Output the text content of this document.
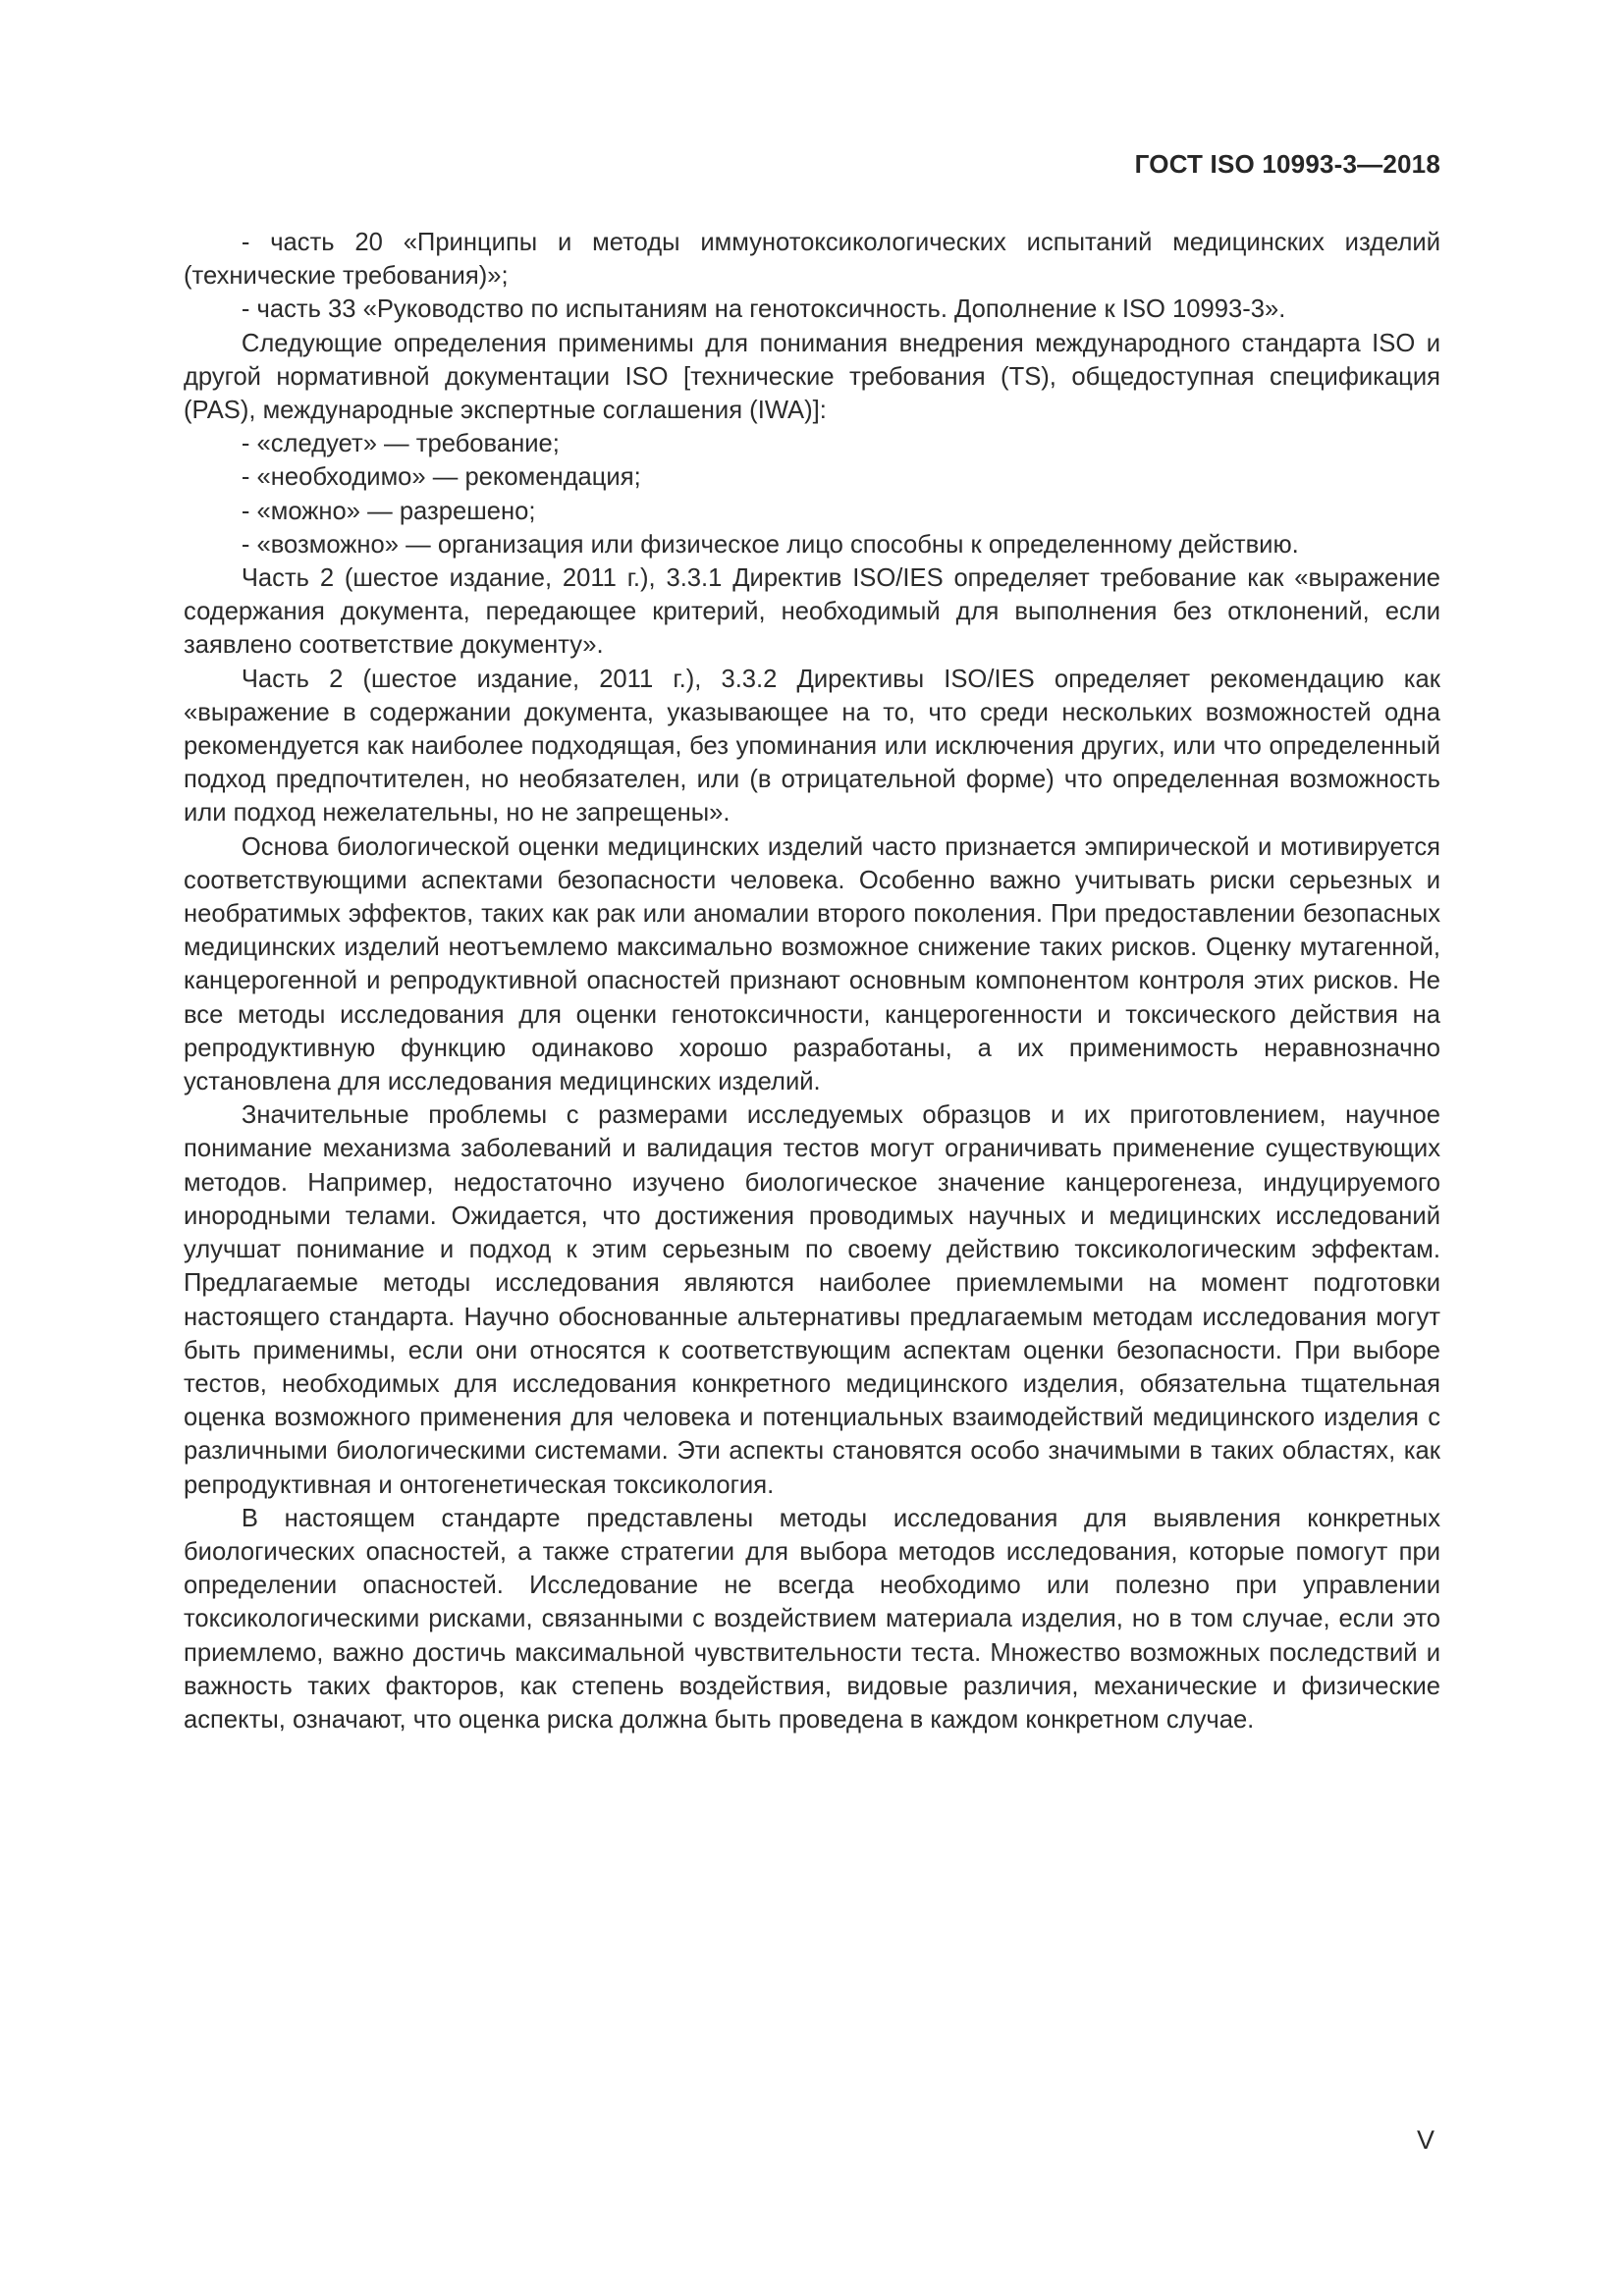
ГОСТ ISO 10993-3—2018

- часть 20 «Принципы и методы иммунотоксикологических испытаний медицинских изделий (технические требования)»;

- часть 33 «Руководство по испытаниям на генотоксичность. Дополнение к ISO 10993-3».

Следующие определения применимы для понимания внедрения международного стандарта ISO и другой нормативной документации ISO [технические требования (TS), общедоступная спецификация (PAS), международные экспертные соглашения (IWA)]:

- «следует» — требование;

- «необходимо» — рекомендация;

- «можно» — разрешено;

- «возможно» — организация или физическое лицо способны к определенному действию.

Часть 2 (шестое издание, 2011 г.), 3.3.1 Директив ISO/IES определяет требование как «выражение содержания документа, передающее критерий, необходимый для выполнения без отклонений, если заявлено соответствие документу».

Часть 2 (шестое издание, 2011 г.), 3.3.2 Директивы ISO/IES определяет рекомендацию как «выражение в содержании документа, указывающее на то, что среди нескольких возможностей одна рекомендуется как наиболее подходящая, без упоминания или исключения других, или что определенный подход предпочтителен, но необязателен, или (в отрицательной форме) что определенная возможность или подход нежелательны, но не запрещены».

Основа биологической оценки медицинских изделий часто признается эмпирической и мотивируется соответствующими аспектами безопасности человека. Особенно важно учитывать риски серьезных и необратимых эффектов, таких как рак или аномалии второго поколения. При предоставлении безопасных медицинских изделий неотъемлемо максимально возможное снижение таких рисков. Оценку мутагенной, канцерогенной и репродуктивной опасностей признают основным компонентом контроля этих рисков. Не все методы исследования для оценки генотоксичности, канцерогенности и токсического действия на репродуктивную функцию одинаково хорошо разработаны, а их применимость неравнозначно установлена для исследования медицинских изделий.

Значительные проблемы с размерами исследуемых образцов и их приготовлением, научное понимание механизма заболеваний и валидация тестов могут ограничивать применение существующих методов. Например, недостаточно изучено биологическое значение канцерогенеза, индуцируемого инородными телами. Ожидается, что достижения проводимых научных и медицинских исследований улучшат понимание и подход к этим серьезным по своему действию токсикологическим эффектам. Предлагаемые методы исследования являются наиболее приемлемыми на момент подготовки настоящего стандарта. Научно обоснованные альтернативы предлагаемым методам исследования могут быть применимы, если они относятся к соответствующим аспектам оценки безопасности. При выборе тестов, необходимых для исследования конкретного медицинского изделия, обязательна тщательная оценка возможного применения для человека и потенциальных взаимодействий медицинского изделия с различными биологическими системами. Эти аспекты становятся особо значимыми в таких областях, как репродуктивная и онтогенетическая токсикология.

В настоящем стандарте представлены методы исследования для выявления конкретных биологических опасностей, а также стратегии для выбора методов исследования, которые помогут при определении опасностей. Исследование не всегда необходимо или полезно при управлении токсикологическими рисками, связанными с воздействием материала изделия, но в том случае, если это приемлемо, важно достичь максимальной чувствительности теста. Множество возможных последствий и важность таких факторов, как степень воздействия, видовые различия, механические и физические аспекты, означают, что оценка риска должна быть проведена в каждом конкретном случае.

V
